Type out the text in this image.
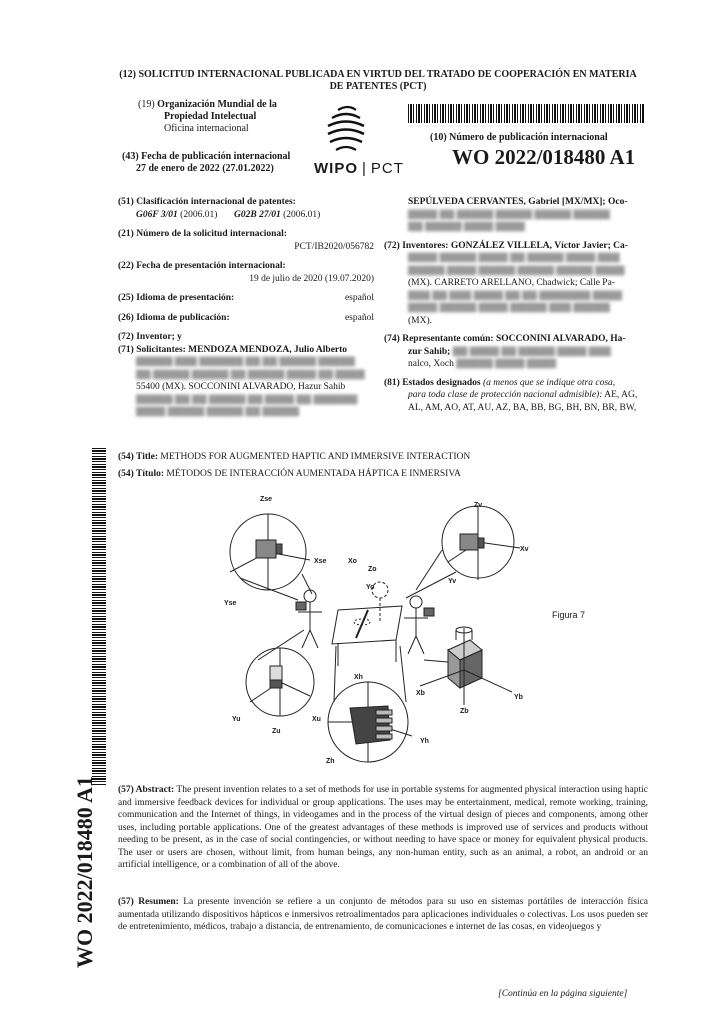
(12) SOLICITUD INTERNACIONAL PUBLICADA EN VIRTUD DEL TRATADO DE COOPERACIÓN EN MATERIA
DE PATENTES (PCT)
(19) Organización Mundial de la
Propiedad Intelectual
Oficina internacional
(43) Fecha de publicación internacional
27 de enero de 2022 (27.01.2022)	WIPO | PCT
(10) Número de publicación internacional
WO 2022/018480 A1
(51) Clasificación internacional de patentes:
G06F 3/01 (2006.01) G02B 27/01 (2006.01)
(21) Número de la solicitud internacional:
PCT/IB2020/056782
(22) Fecha de presentación internacional:
19 de julio de 2020 (19.07.2020)
(25) Idioma de presentación:	español
(26) Idioma de publicación:	español
(72) Inventor; y
(71) Solicitantes: MENDOZA MENDOZA, Julio Alberto
▇▇▇▇▇ ▇▇▇ ▇▇▇▇▇▇ ▇▇ ▇▇ ▇▇▇▇▇ ▇▇▇▇▇
▇▇ ▇▇▇▇▇ ▇▇▇▇▇ ▇▇ ▇▇▇▇▇ ▇▇▇▇ ▇▇ ▇▇▇▇
55400 (MX). SOCCONINI ALVARADO, Hazur Sahib
▇▇▇▇▇ ▇▇ ▇▇ ▇▇▇▇▇ ▇▇ ▇▇▇▇ ▇▇ ▇▇▇▇▇▇
▇▇▇▇ ▇▇▇▇▇ ▇▇▇▇▇ ▇▇ ▇▇▇▇▇
SEPÚLVEDA CERVANTES, Gabriel [MX/MX]; Oco-
▇▇▇▇ ▇▇ ▇▇▇▇▇ ▇▇▇▇▇ ▇▇▇▇▇ ▇▇▇▇▇
▇▇ ▇▇▇▇▇ ▇▇▇▇ ▇▇▇▇
(72) Inventores: GONZÁLEZ VILLELA, Víctor Javier; Ca-
▇▇▇▇ ▇▇▇▇▇ ▇▇▇▇ ▇▇ ▇▇▇▇▇ ▇▇▇▇ ▇▇▇
▇▇▇▇▇ ▇▇▇▇ ▇▇▇▇▇ ▇▇▇▇▇ ▇▇▇▇▇ ▇▇▇▇
(MX). CARRETO ARELLANO, Chadwick; Calle Pa-
▇▇▇ ▇▇ ▇▇▇ ▇▇▇▇ ▇▇ ▇▇ ▇▇▇▇▇▇▇ ▇▇▇▇
▇▇▇▇ ▇▇▇▇▇ ▇▇▇▇ ▇▇▇▇▇ ▇▇▇ ▇▇▇▇▇
(MX).
(74) Representante común: SOCCONINI ALVARADO, Ha-
zur Sahib; ▇▇ ▇▇▇▇ ▇▇ ▇▇▇▇▇ ▇▇▇▇ ▇▇▇
nalco, Xoch ▇▇▇▇▇ ▇▇▇▇ ▇▇▇▇
(81) Estados designados (a menos que se indique otra cosa,
para toda clase de protección nacional admisible): AE, AG,
AL, AM, AO, AT, AU, AZ, BA, BB, BG, BH, BN, BR, BW,
WO 2022/018480 A1
(54) Title: METHODS FOR AUGMENTED HAPTIC AND IMMERSIVE INTERACTION
(54) Título: MÉTODOS DE INTERACCIÓN AUMENTADA HÁPTICA E INMERSIVA
Zse
Xse
Yse
Zv
Xv
Yv
Xo
Zo
Yo
Xh
Yh
Zh
Xb
Yb
Zb
Yu	Xu
Zu
Figura 7
(57) Abstract: The present invention relates to a set of methods for use in portable systems for augmented physical interaction using haptic and immersive feedback devices for individual or group applications. The uses may be entertainment, medical, remote working, training, communication and the Internet of things, in videogames and in the process of the virtual design of pieces and components, among other uses, including portable applications. One of the greatest advantages of these methods is improved use of services and products without needing to be present, as in the case of social contingencies, or without needing to have space or money for equivalent physical products. The user or users are chosen, without limit, from human beings, any non-human entity, such as an animal, a robot, an android or an artificial intelligence, or a combination of all of the above.
(57) Resumen: La presente invención se refiere a un conjunto de métodos para su uso en sistemas portátiles de interacción física aumentada utilizando dispositivos hápticos e inmersivos retroalimentados para aplicaciones individuales o colectivas. Los usos pueden ser de entretenimiento, médicos, trabajo a distancia, de entrenamiento, de comunicaciones e internet de las cosas, en videojuegos y
[Continúa en la página siguiente]
